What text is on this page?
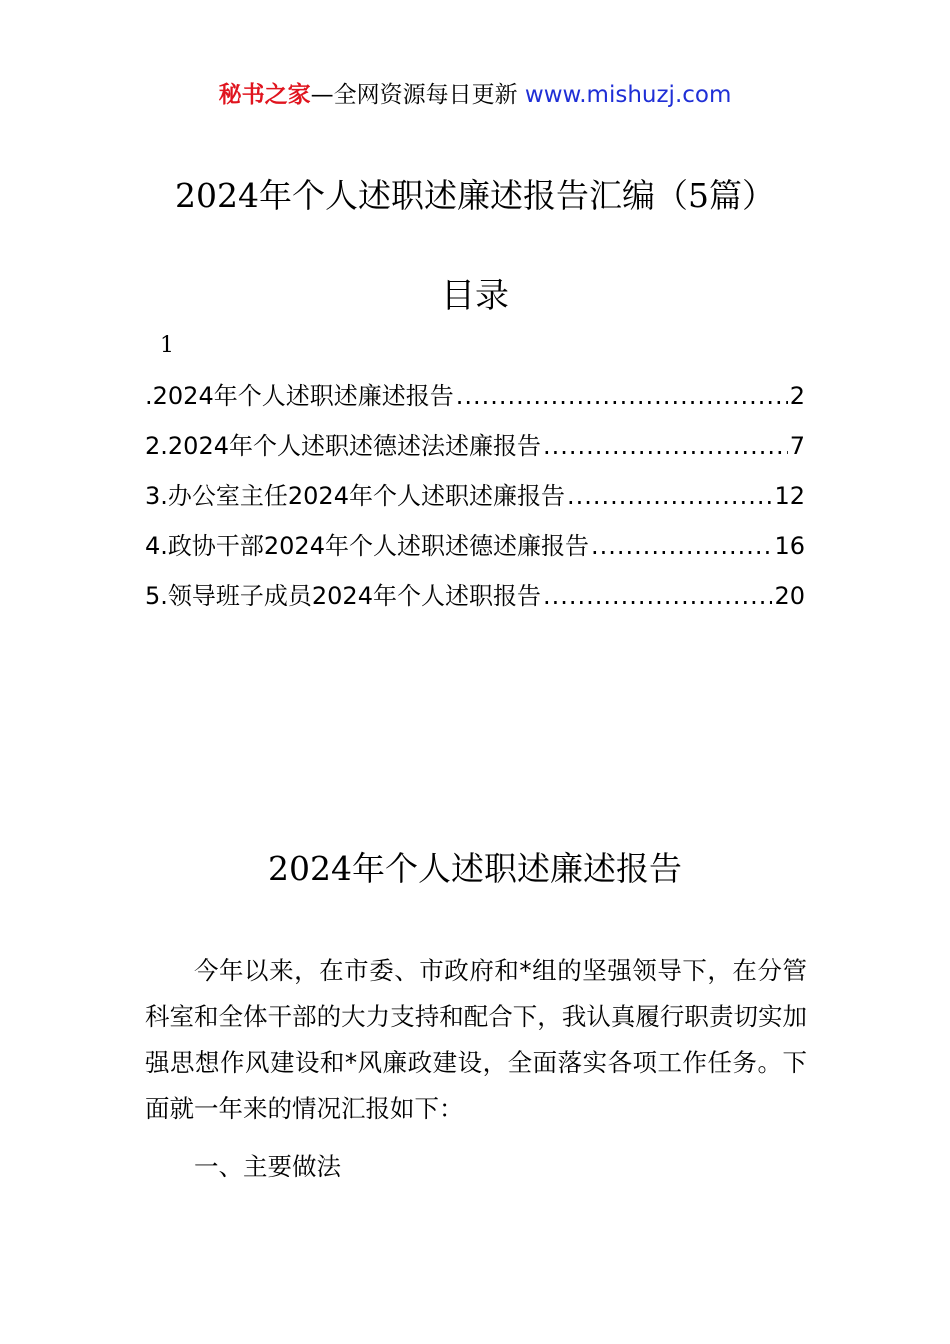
秘书之家—全网资源每日更新 www.mishuzj.com
2024年个人述职述廉述报告汇编（5篇）
目录
1
.2024年个人述职述廉述报告 .....	2
2.2024年个人述职述德述法述廉报告 .....	7
3.办公室主任2024年个人述职述廉报告 .....	12
4.政协干部2024年个人述职述德述廉报告 .....	16
5.领导班子成员2024年个人述职报告 .....	20
2024年个人述职述廉述报告

今年以来，在市委、市政府和*组的坚强领导下，在分管科室和全体干部的大力支持和配合下，我认真履行职责切实加强思想作风建设和*风廉政建设，全面落实各项工作任务。下面就一年来的情况汇报如下：

一、主要做法
